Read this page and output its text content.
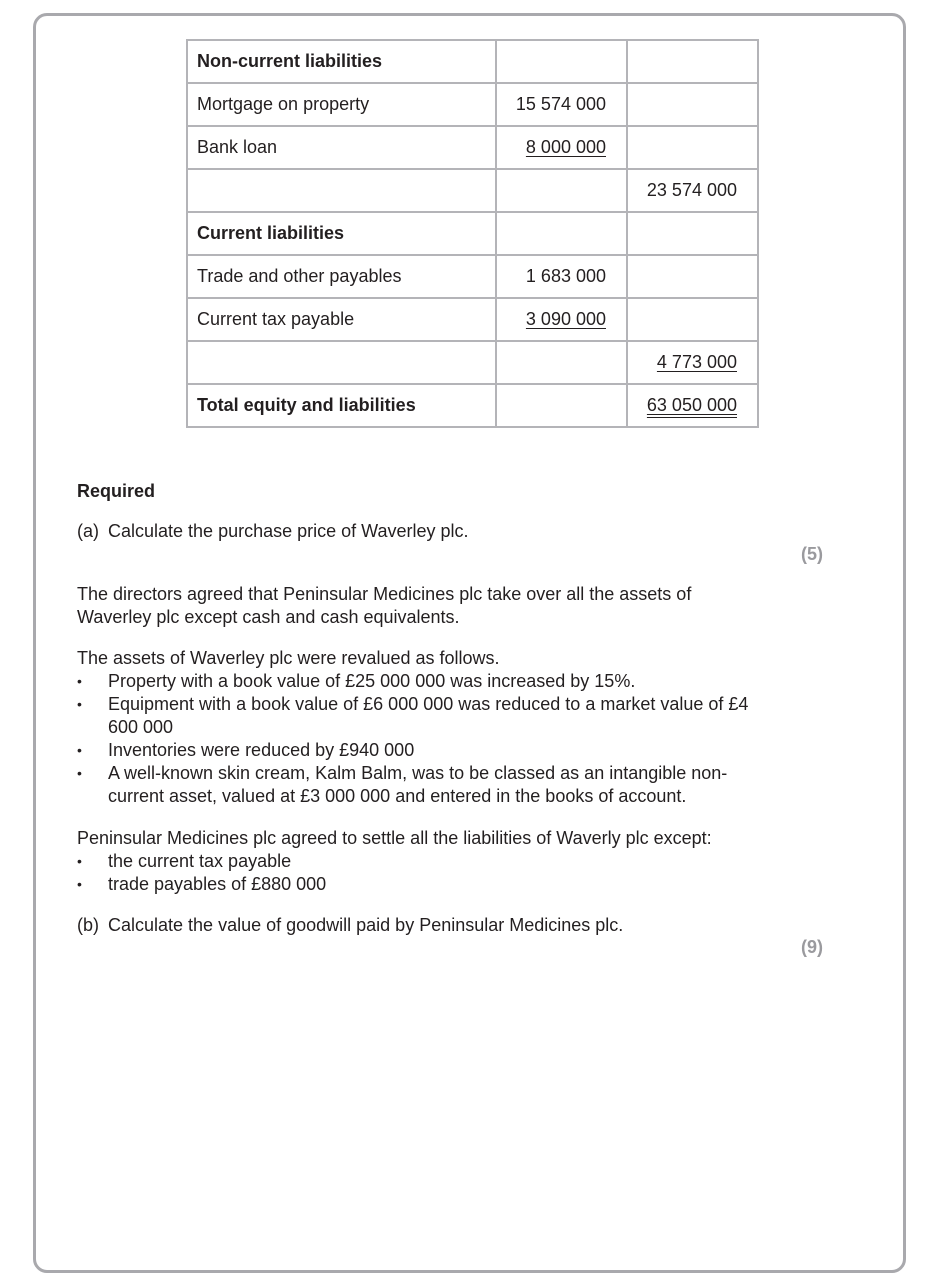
Non-current liabilities		
Mortgage on property	15 574 000	
Bank loan	8 000 000	
		23 574 000
Current liabilities		
Trade and other payables	1 683 000	
Current tax payable	3 090 000	
		4 773 000
Total equity and liabilities		63 050 000
Required
(a) Calculate the purchase price of Waverley plc.
(5)
The directors agreed that Peninsular Medicines plc take over all the assets of Waverley plc except cash and cash equivalents.
The assets of Waverley plc were revalued as follows.
• Property with a book value of £25 000 000 was increased by 15%.
• Equipment with a book value of £6 000 000 was reduced to a market value of £4 600 000
• Inventories were reduced by £940 000
• A well-known skin cream, Kalm Balm, was to be classed as an intangible non-current asset, valued at £3 000 000 and entered in the books of account.
Peninsular Medicines plc agreed to settle all the liabilities of Waverly plc except:
• the current tax payable
• trade payables of £880 000
(b) Calculate the value of goodwill paid by Peninsular Medicines plc.
(9)
